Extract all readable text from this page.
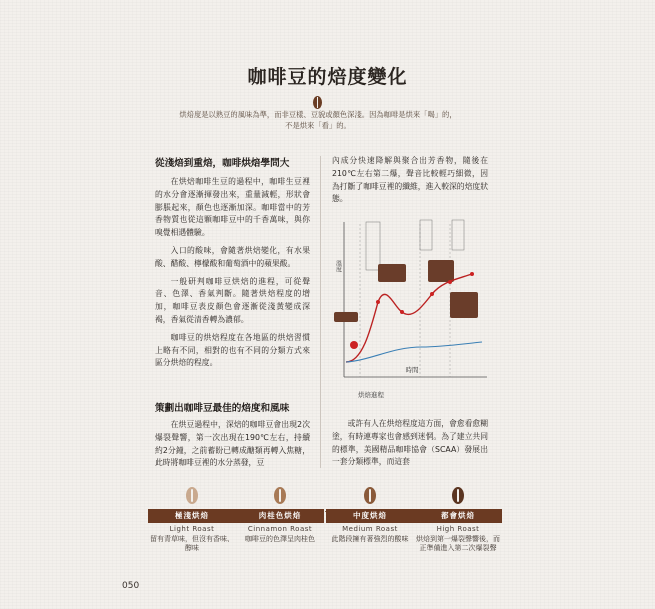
咖啡豆的焙度變化
烘焙度是以熟豆的風味為準，而非豆樣、豆貌或顏色深淺。因為咖啡是烘來「喝」的，
不是烘來「看」的。
從淺焙到重焙，咖啡烘焙學問大

在烘焙咖啡生豆的過程中，咖啡生豆裡的水分會逐漸揮發出來，重量減輕，形狀會膨脹起來，顏色也逐漸加深。咖啡當中的芳香物質也從這顆咖啡豆中的千香萬味，與你嗅覺相遇體驗。

入口的酸味，會隨著烘焙變化，有水果酸、醋酸、檸檬酸和葡萄酒中的蘋果酸。

一般研判咖啡豆烘焙的進程，可從聲音、色澤、香氣判斷。隨著烘焙程度的增加，咖啡豆表皮顏色會逐漸從淺黃變成深褐，香氣從清香轉為濃郁。

咖啡豆的烘焙程度在各地區的烘焙習慣上略有不同，相對的也有不同的分類方式來區分烘焙的程度。

策劃出咖啡豆最佳的焙度和風味

在烘豆過程中，深焙的咖啡豆會出現2次爆裂聲響，第一次出現在190℃左右，持續約2分鐘，之前蓄盼已轉成醣類再轉入焦糖，此時將咖啡豆裡的水分蒸發，豆

內成分快速降解與聚合出芳香物，隨後在210℃左右第二爆，聲音比較輕巧細微，因為打斷了咖啡豆裡的纖維，進入較深的焙度狀態。

溫度
時間
烘焙進程

或許有人在烘焙程度這方面，會愈看愈糊塗，有時連專家也會感到迷惘。為了建立共同的標準，美國精品咖啡協會（SCAA）發展出一套分類標準，而這套

極淺烘焙
Light Roast
留有青草味，但沒有香味、醇味
肉桂色烘焙
Cinnamon Roast
咖啡豆的色澤呈肉桂色
中度烘焙
Medium Roast
此階段擁有著強烈的酸味
都會烘焙
High Roast
烘焙到第一爆裂聲響後，而正準備進入第二次爆裂聲
050
